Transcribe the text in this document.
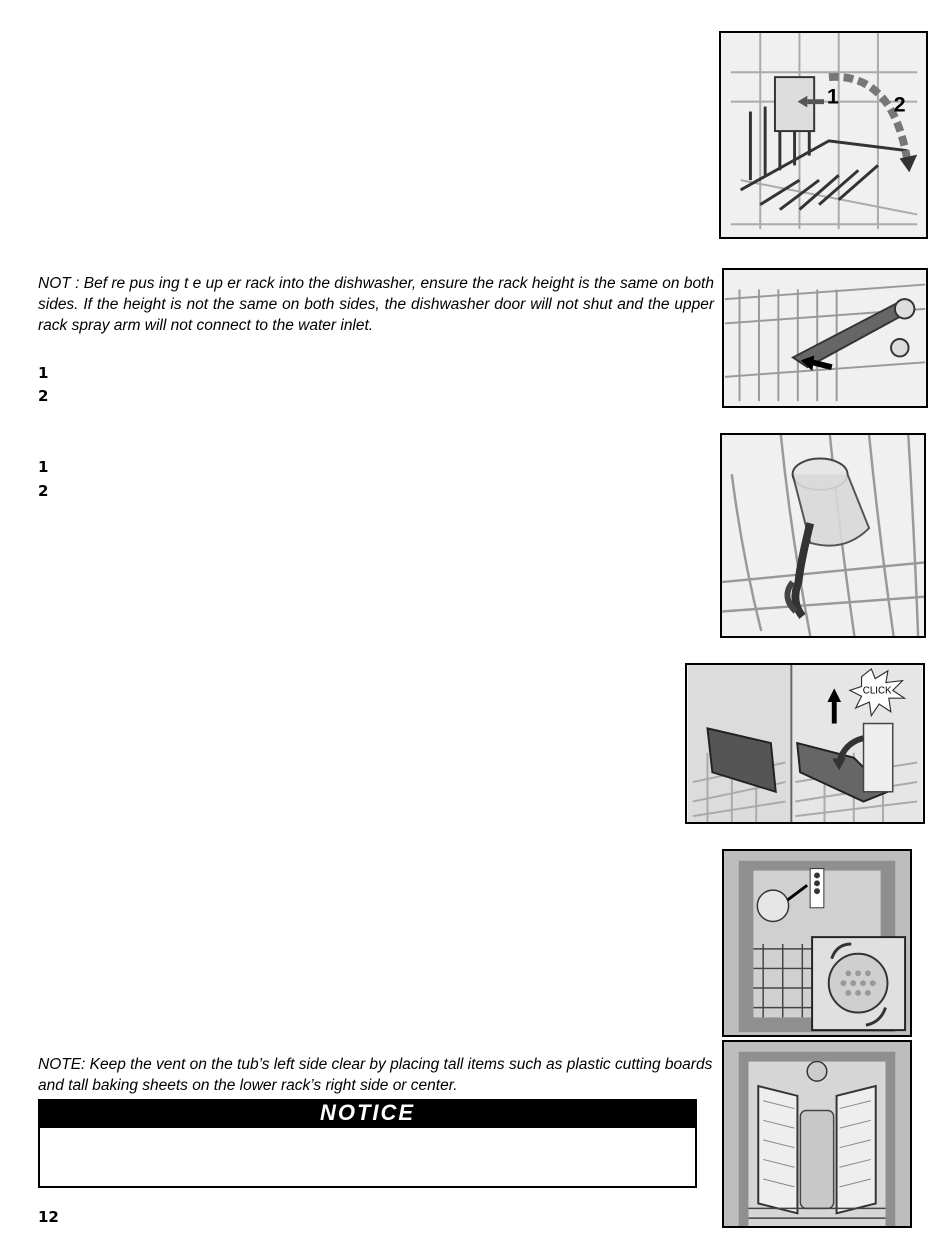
NOT : Bef re pus ing t e up er rack into the dishwasher, ensure the rack height is the same on both sides. If the height is not the same on both sides, the dishwasher door will not shut and the upper rack spray arm will not connect to the water inlet.
1
2
1
2
1 2
CLICK
NOTE: Keep the vent on the tub’s left side clear by placing tall items such as plastic cutting boards and tall baking sheets on the lower rack’s right side or center.
NOTICE
12
